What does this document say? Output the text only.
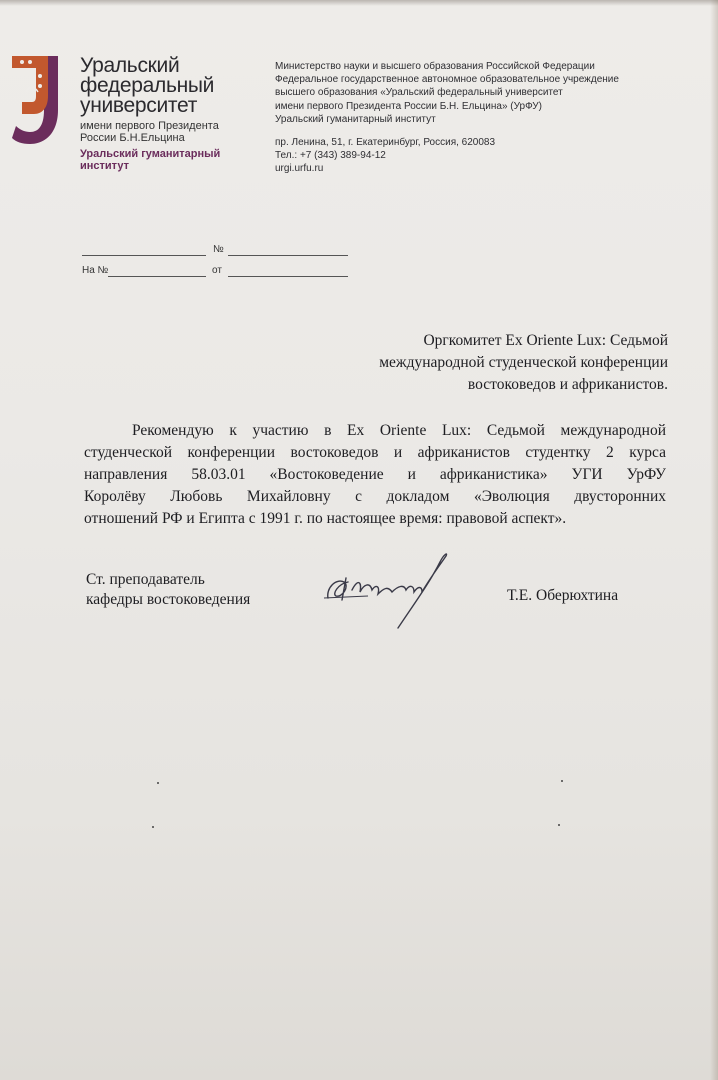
Уральский
федеральный
университет
имени первого Президента
России Б.Н.Ельцина
Уральский гуманитарный
институт
Министерство науки и высшего образования Российской Федерации
Федеральное государственное автономное образовательное учреждение
высшего образования «Уральский федеральный университет
имени первого Президента России Б.Н. Ельцина» (УрФУ)
Уральский гуманитарный институт
пр. Ленина, 51, г. Екатеринбург, Россия, 620083
Тел.: +7 (343) 389-94-12
urgi.urfu.ru
№
На №	от
Оргкомитет Ex Oriente Lux: Седьмой
международной студенческой конференции
востоковедов и африканистов.
Рекомендую к участию в Ex Oriente Lux: Седьмой международной
студенческой конференции востоковедов и африканистов студентку 2 курса
направления 58.03.01 «Востоковедение и африканистика» УГИ УрФУ
Королёву Любовь Михайловну с докладом «Эволюция двусторонних
отношений РФ и Египта с 1991 г. по настоящее время: правовой аспект».
Ст. преподаватель
кафедры востоковедения	Т.Е. Оберюхтина
